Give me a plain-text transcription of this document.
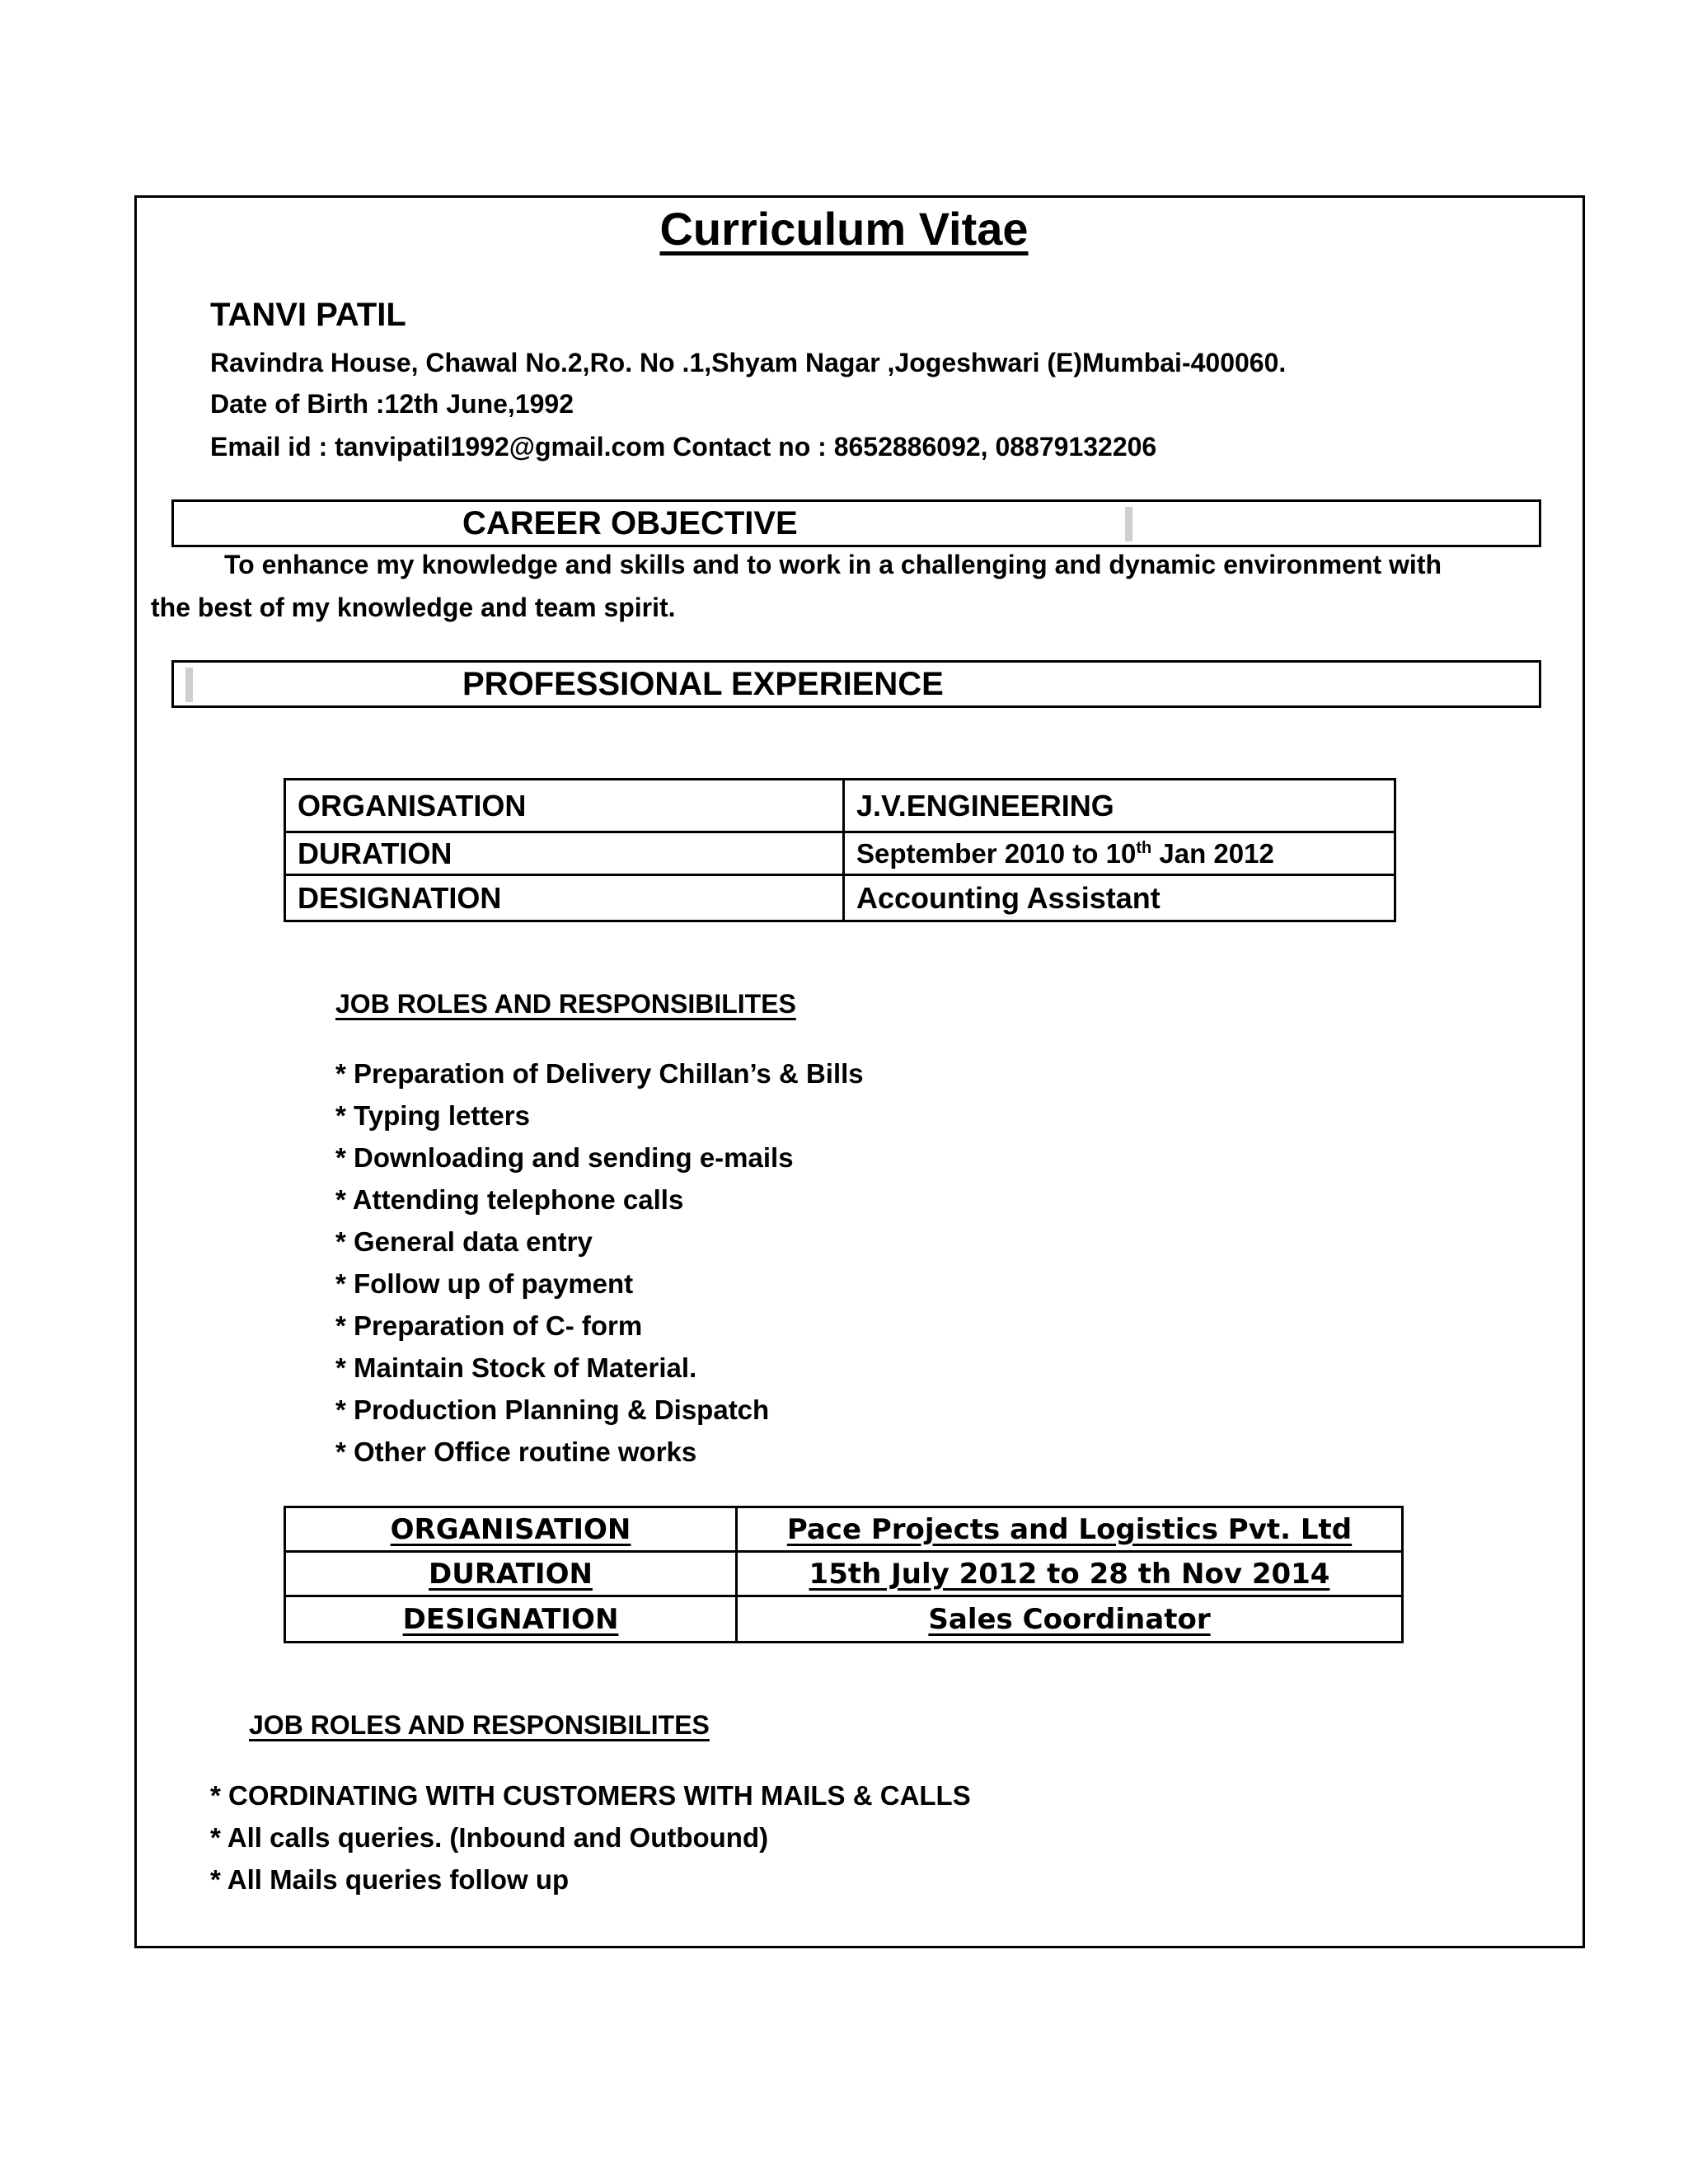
Curriculum Vitae
TANVI PATIL
Ravindra House, Chawal No.2,Ro. No .1,Shyam Nagar ,Jogeshwari (E)Mumbai-400060.
Date of Birth :12th June,1992
Email id : tanvipatil1992@gmail.com Contact no : 8652886092, 08879132206
CAREER OBJECTIVE
To enhance my knowledge and skills and to work in a challenging and dynamic environment with
the best of my knowledge and team spirit.
PROFESSIONAL EXPERIENCE
ORGANISATION	J.V.ENGINEERING
DURATION	September 2010 to 10th Jan 2012
DESIGNATION	Accounting Assistant
JOB ROLES AND RESPONSIBILITES
* Preparation of Delivery Chillan’s & Bills
* Typing letters
* Downloading and sending e-mails
* Attending telephone calls
* General data entry
* Follow up of payment
* Preparation of C- form
* Maintain Stock of Material.
* Production Planning & Dispatch
* Other Office routine works
ORGANISATION	Pace Projects and Logistics Pvt. Ltd
DURATION	15th July 2012 to 28 th Nov 2014
DESIGNATION	Sales Coordinator
JOB ROLES AND RESPONSIBILITES
* CORDINATING WITH CUSTOMERS WITH MAILS & CALLS
* All calls queries. (Inbound and Outbound)
* All Mails queries follow up
